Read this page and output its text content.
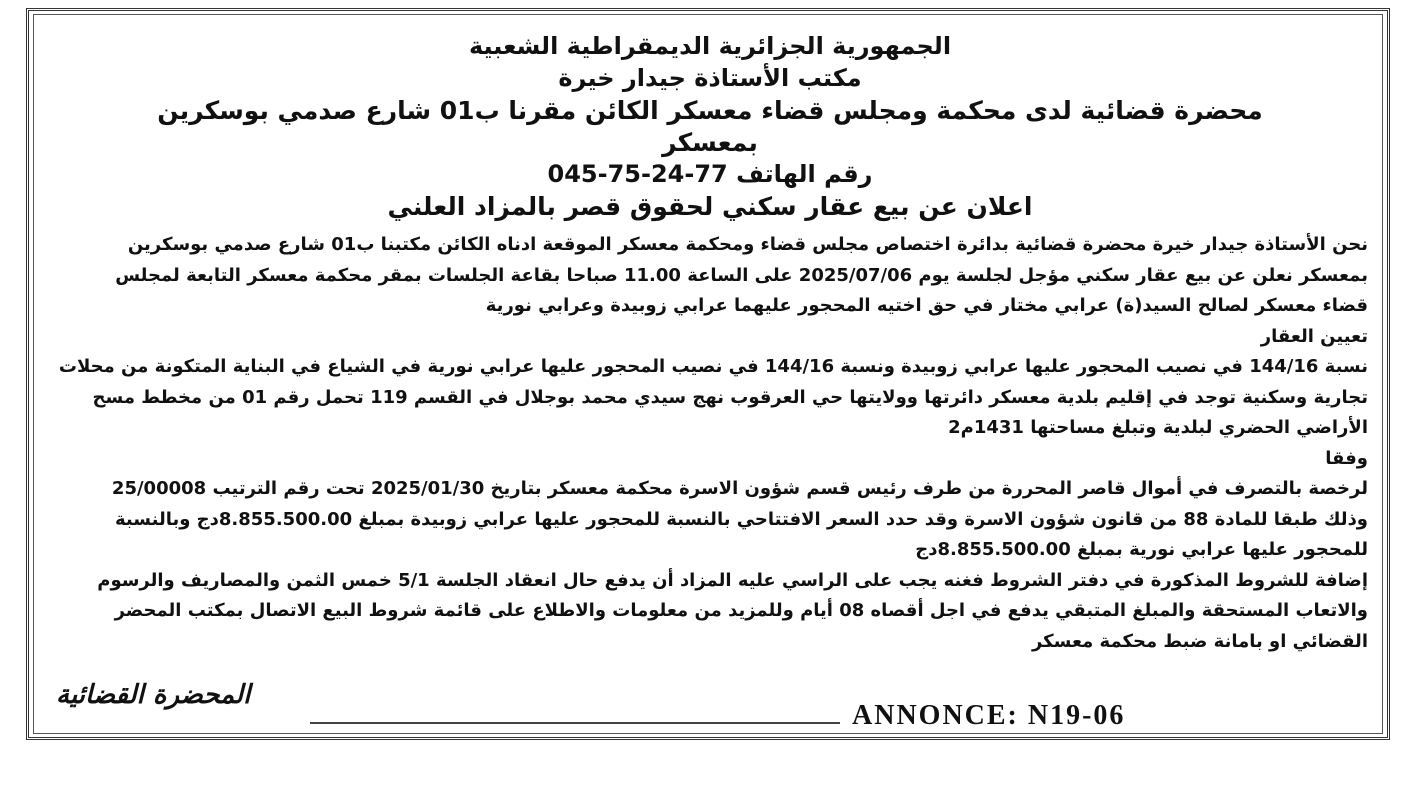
الجمهورية الجزائرية الديمقراطية الشعبية
مكتب الأستاذة جيدار خيرة
محضرة قضائية لدى محكمة ومجلس قضاء معسكر الكائن مقرنا ب01 شارع صدمي بوسكرين
بمعسكر
رقم الهاتف 77-24-75-045
اعلان عن بيع عقار سكني لحقوق قصر بالمزاد العلني
نحن الأستاذة جيدار خيرة محضرة قضائية بدائرة اختصاص مجلس قضاء ومحكمة معسكر الموقعة ادناه الكائن مكتبنا ب01 شارع صدمي بوسكرين
بمعسكر نعلن عن بيع عقار سكني مؤجل لجلسة يوم 2025/07/06 على الساعة 11.00 صباحا بقاعة الجلسات بمقر محكمة معسكر التابعة لمجلس
قضاء معسكر لصالح السيد(ة) عرابي مختار في حق اختيه المحجور عليهما عرابي زوبيدة وعرابي نورية
تعيين العقار
نسبة 144/16 في نصيب المحجور عليها عرابي زوبيدة ونسبة 144/16 في نصيب المحجور عليها عرابي نورية في الشياع في البناية المتكونة من محلات
تجارية وسكنية توجد في إقليم بلدية معسكر دائرتها وولايتها حي العرقوب نهج سيدي محمد بوجلال في القسم 119 تحمل رقم 01 من مخطط مسح
الأراضي الحضري لبلدية وتبلغ مساحتها 1431م2
وفقا
لرخصة بالتصرف في أموال قاصر المحررة من طرف رئيس قسم شؤون الاسرة محكمة معسكر بتاريخ 2025/01/30 تحت رقم الترتيب 25/00008
وذلك طبقا للمادة 88 من قانون شؤون الاسرة وقد حدد السعر الافتتاحي بالنسبة للمحجور عليها عرابي زوبيدة بمبلغ 8.855.500.00دج وبالنسبة
للمحجور عليها عرابي نورية بمبلغ 8.855.500.00دج
إضافة للشروط المذكورة في دفتر الشروط فغنه يجب على الراسي عليه المزاد أن يدفع حال انعقاد الجلسة 5/1 خمس الثمن والمصاريف والرسوم
والاتعاب المستحقة والمبلغ المتبقي يدفع في اجل أقصاه 08 أيام وللمزيد من معلومات والاطلاع على قائمة شروط البيع الاتصال بمكتب المحضر
القضائي او بامانة ضبط محكمة معسكر
المحضرة القضائية
ANNONCE: N19-06
